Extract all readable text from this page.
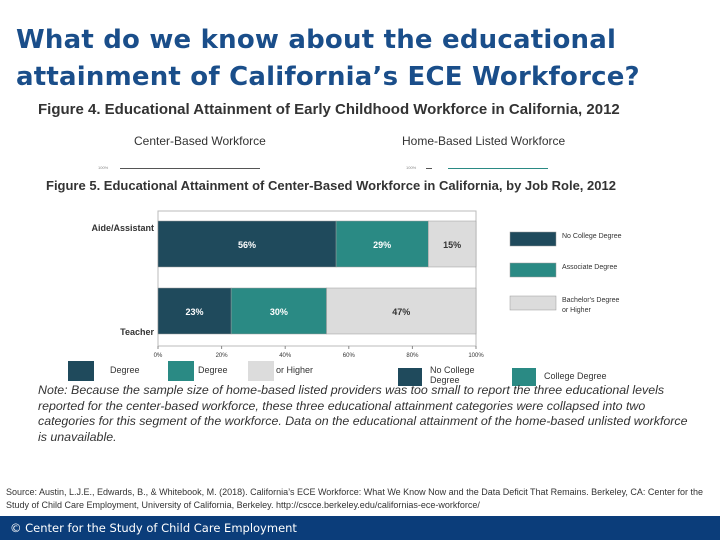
What do we know about the educational attainment of California’s ECE Workforce?
Figure 4. Educational Attainment of Early Childhood Workforce in California, 2012
Center-Based Workforce	Home-Based Listed Workforce
100%	100%
Figure 5. Educational Attainment of Center-Based Workforce in California, by Job Role, 2012
Aide/Assistant
Teacher
56%	29%	15%
23%	30%	47%
0%	20%	40%	60%	80%	100%
No College Degree
Associate Degree
Bachelor's Degree or Higher
Degree	Degree	or Higher	No College Degree	College Degree
Note: Because the sample size of home-based listed providers was too small to report the three educational levels reported for the center-based workforce, these three educational attainment categories were collapsed into two categories for this segment of the workforce. Data on the educational attainment of the home-based unlisted workforce is unavailable.
Source: Austin, L.J.E., Edwards, B., & Whitebook, M. (2018). California’s ECE Workforce: What We Know Now and the Data Deficit That Remains. Berkeley, CA: Center for the Study of Child Care Employment, University of California, Berkeley. http://cscce.berkeley.edu/californias-ece-workforce/
© Center for the Study of Child Care Employment
